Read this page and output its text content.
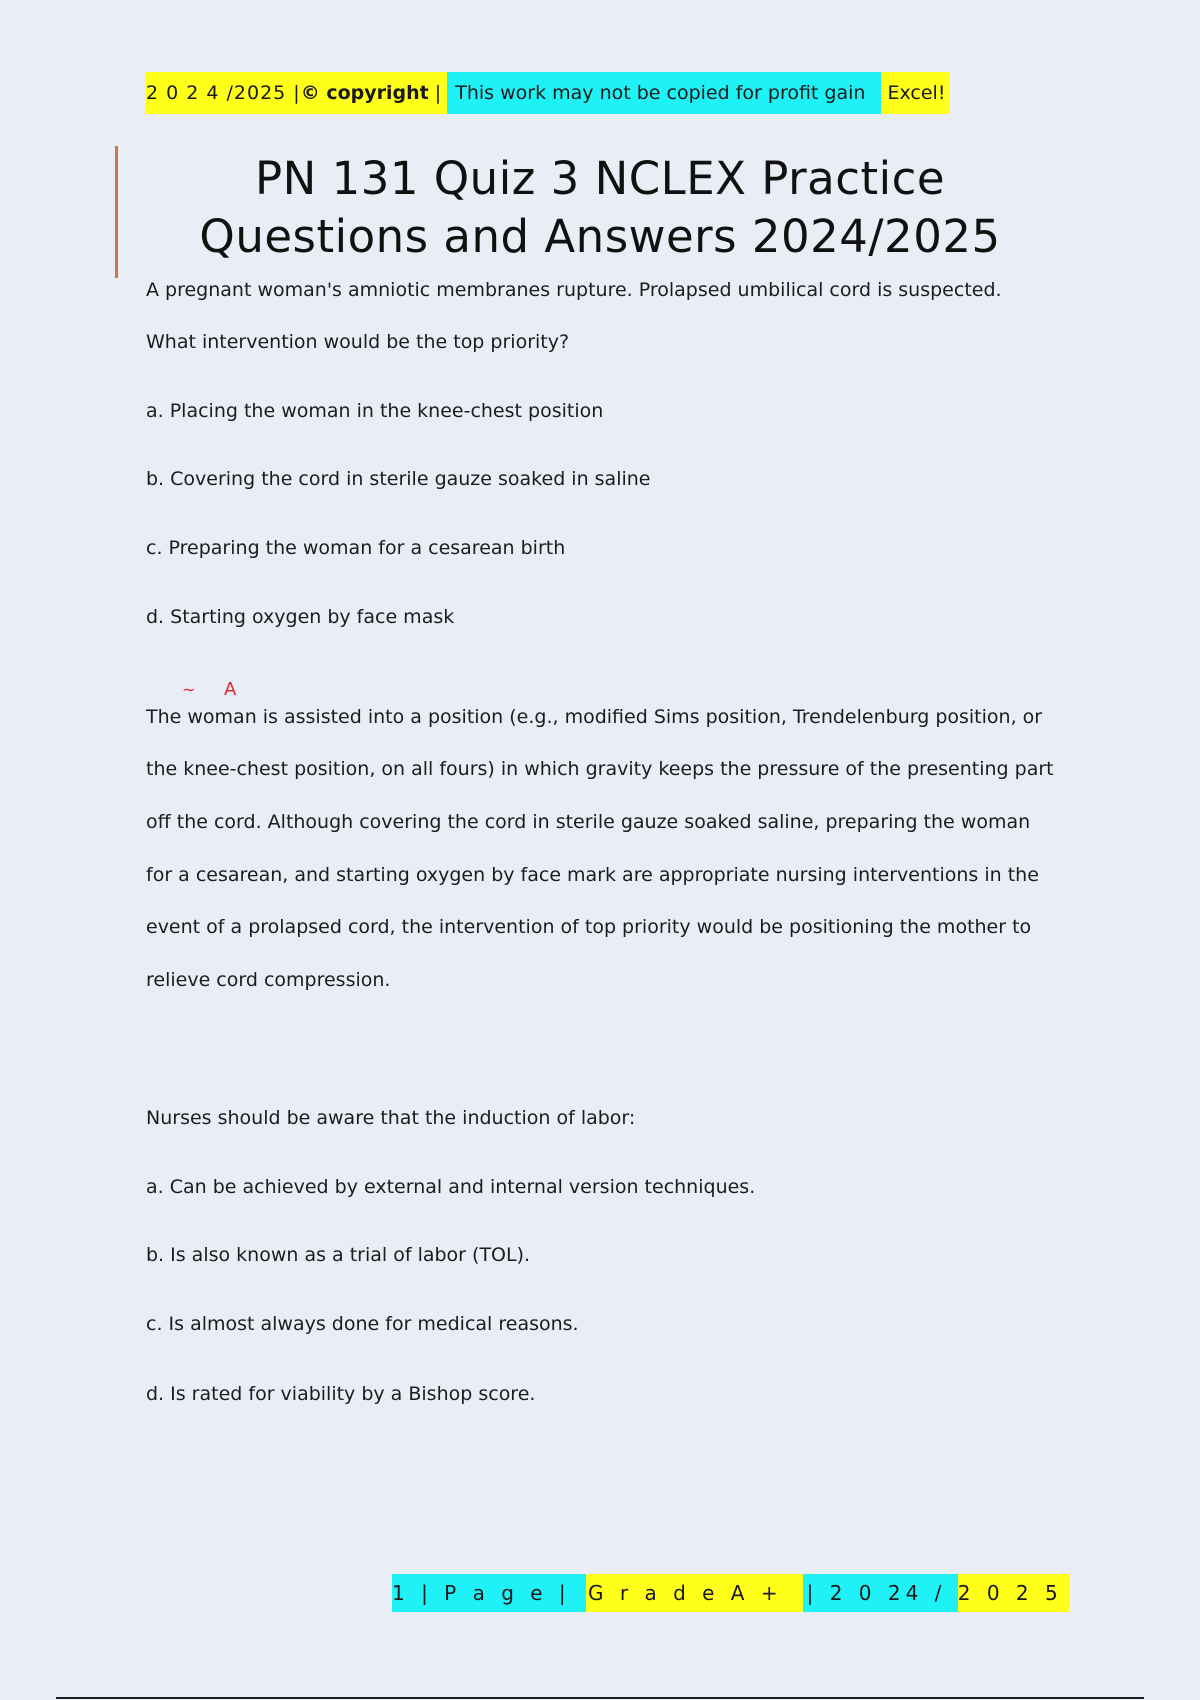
2 0 2 4 /2025 | © copyright | This work may not be copied for profit gain Excel!
PN 131 Quiz 3 NCLEX Practice
Questions and Answers 2024/2025
A pregnant woman's amniotic membranes rupture. Prolapsed umbilical cord is suspected.
What intervention would be the top priority?
a. Placing the woman in the knee-chest position
b. Covering the cord in sterile gauze soaked in saline
c. Preparing the woman for a cesarean birth
d. Starting oxygen by face mask
~ A
The woman is assisted into a position (e.g., modified Sims position, Trendelenburg position, or
the knee-chest position, on all fours) in which gravity keeps the pressure of the presenting part
off the cord. Although covering the cord in sterile gauze soaked saline, preparing the woman
for a cesarean, and starting oxygen by face mark are appropriate nursing interventions in the
event of a prolapsed cord, the intervention of top priority would be positioning the mother to
relieve cord compression.
Nurses should be aware that the induction of labor:
a. Can be achieved by external and internal version techniques.
b. Is also known as a trial of labor (TOL).
c. Is almost always done for medical reasons.
d. Is rated for viability by a Bishop score.
1 | P a g e | G r a d e A +	| 2 0 24 / 2 0 2 5
